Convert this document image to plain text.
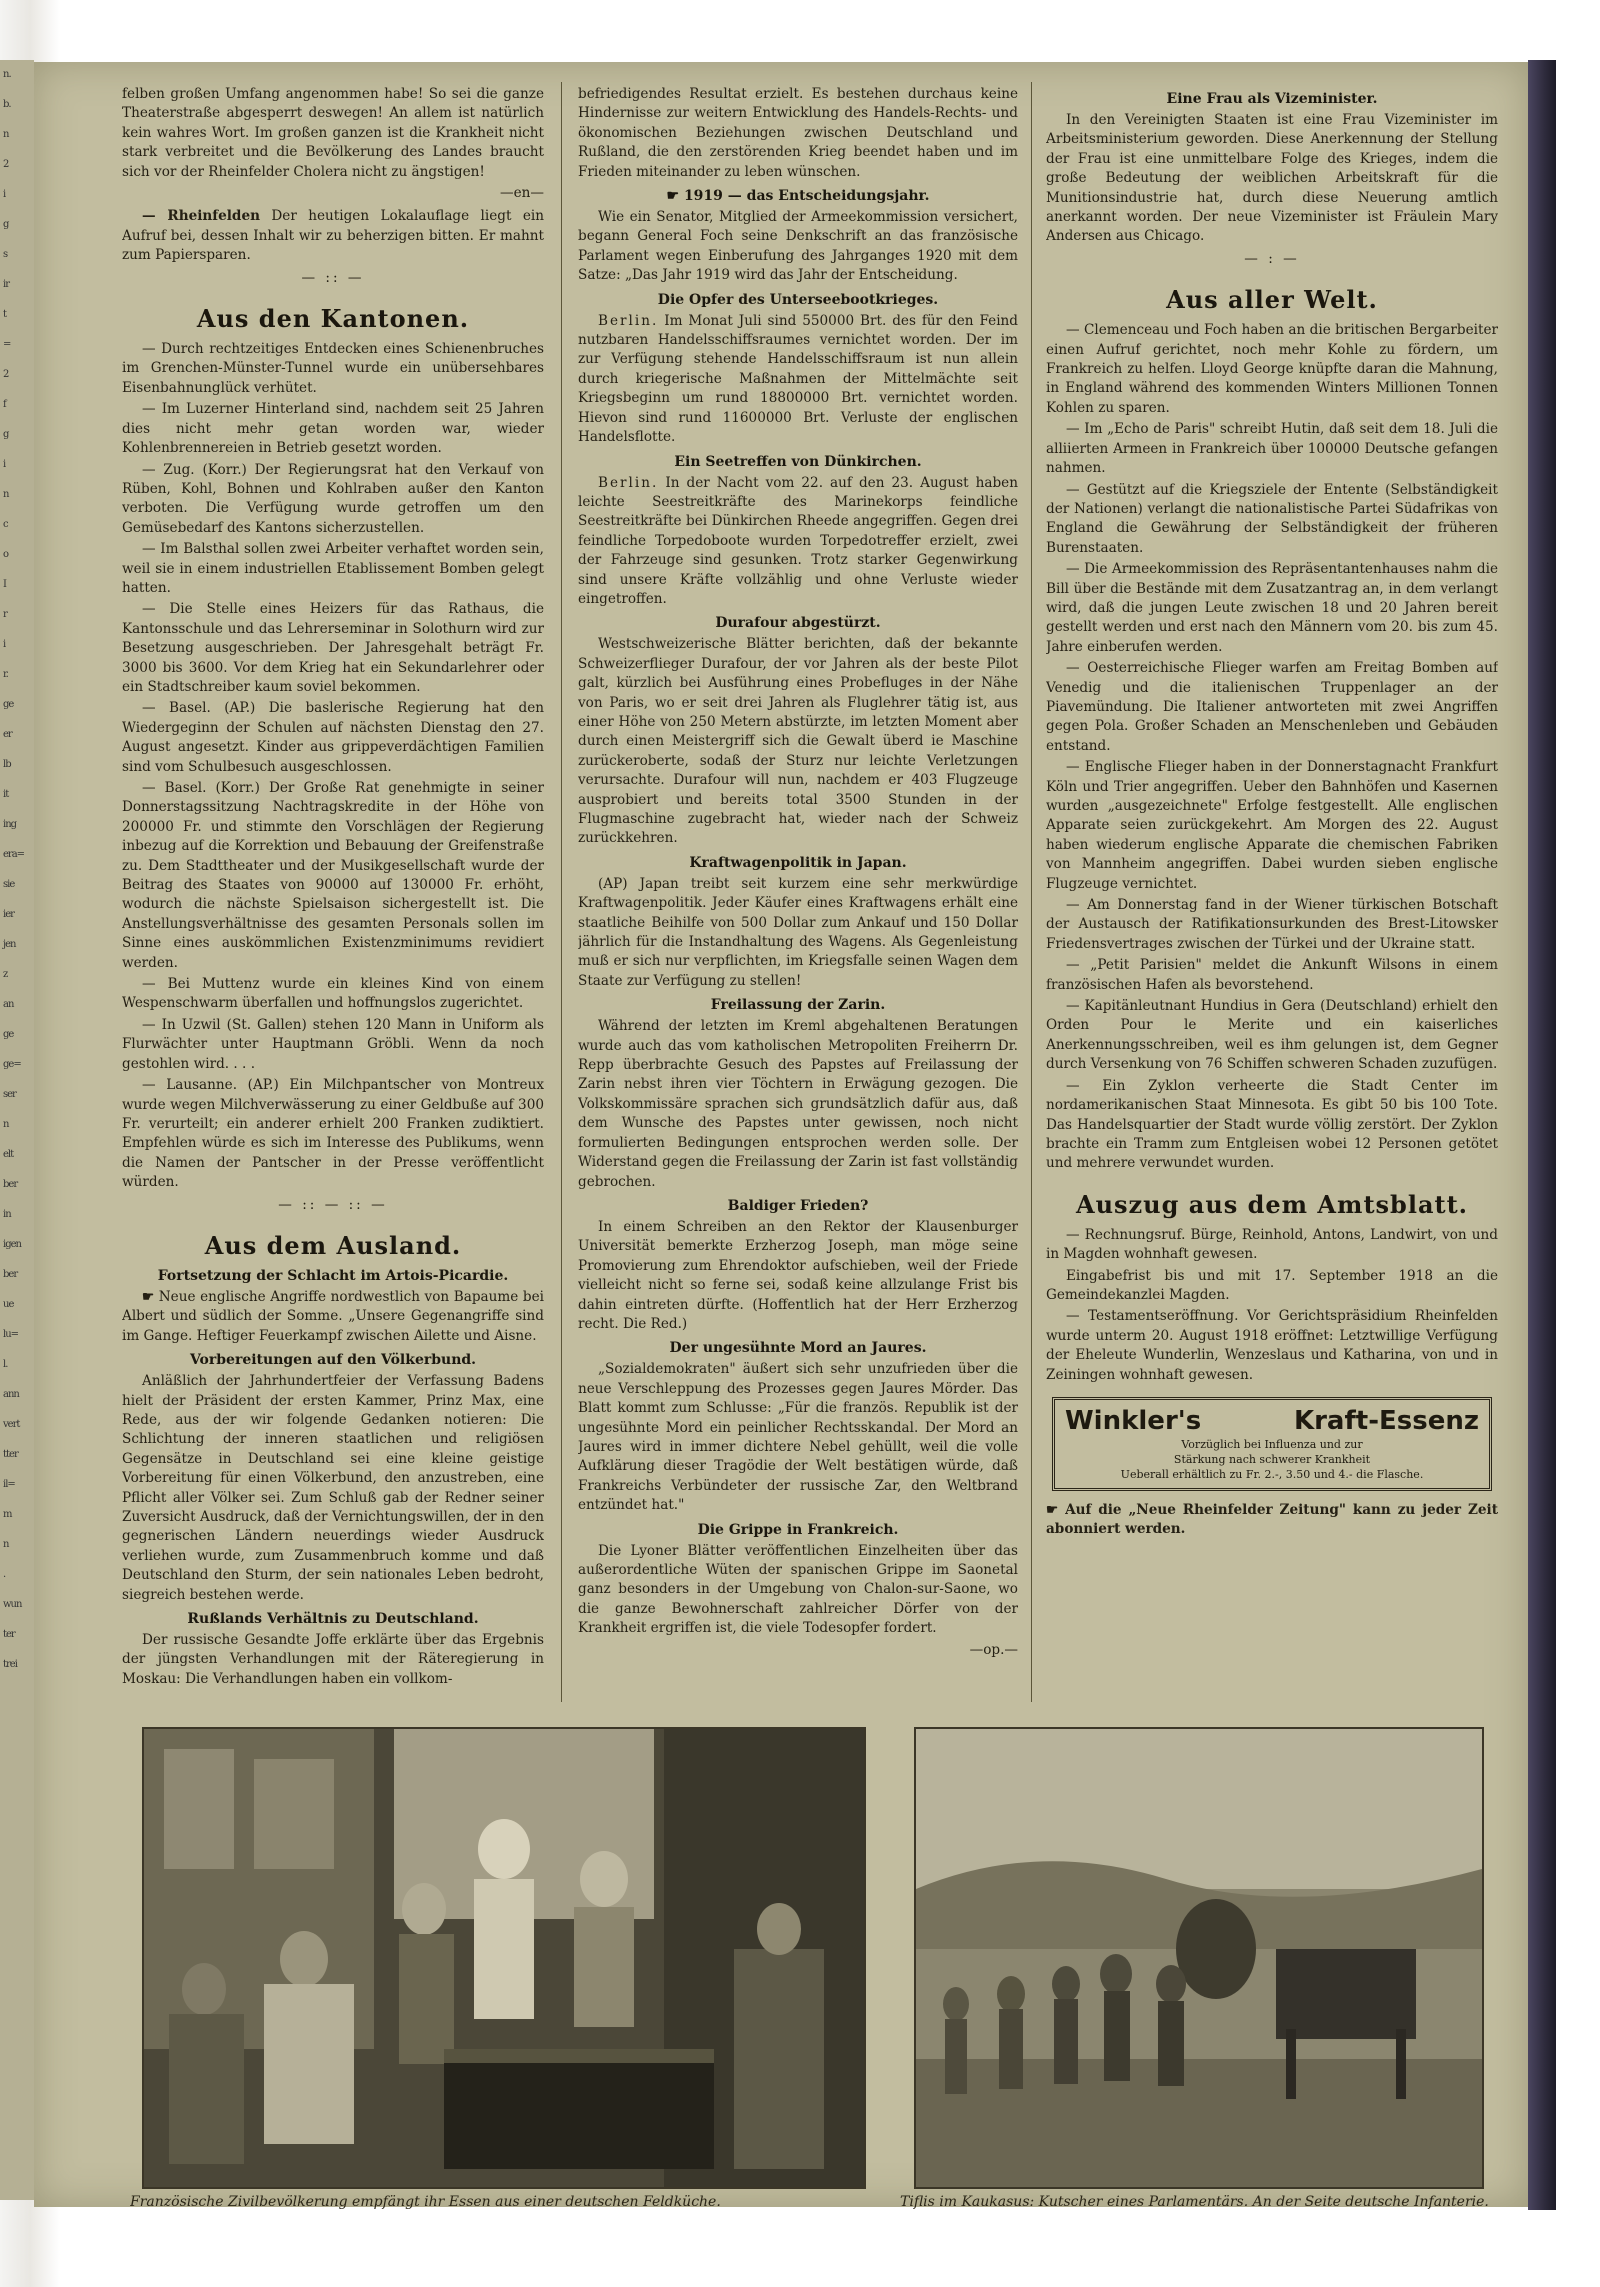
n.
b.
n
2
i
g
s
ir
t
=
2
f
g
i
n
c
o
I
r
i
r.
ge
er
lb
it
ing
era=
sie
ier
jen
z
an
ge
ge=
ser
n
elt
ber
in
igen
ber
ue
lu=
l.
ann
vert
tter
il=
m
n
.
wun
ter
trei

felben großen Umfang angenommen habe! So sei die ganze Theaterstraße abgesperrt deswegen! An allem ist natürlich kein wahres Wort. Im großen ganzen ist die Krankheit nicht stark verbreitet und die Bevölkerung des Landes braucht sich vor der Rheinfelder Cholera nicht zu ängstigen!

—en—

— Rheinfelden Der heutigen Lokalauflage liegt ein Aufruf bei, dessen Inhalt wir zu beherzigen bitten. Er mahnt zum Papiersparen.

— :: —
Aus den Kantonen.

— Durch rechtzeitiges Entdecken eines Schienenbruches im Grenchen-Münster-Tunnel wurde ein unübersehbares Eisenbahnunglück verhütet.

— Im Luzerner Hinterland sind, nachdem seit 25 Jahren dies nicht mehr getan worden war, wieder Kohlenbrennereien in Betrieb gesetzt worden.

— Zug. (Korr.) Der Regierungsrat hat den Verkauf von Rüben, Kohl, Bohnen und Kohlraben außer den Kanton verboten. Die Verfügung wurde getroffen um den Gemüsebedarf des Kantons sicherzustellen.

— Im Balsthal sollen zwei Arbeiter verhaftet worden sein, weil sie in einem industriellen Etablissement Bomben gelegt hatten.

— Die Stelle eines Heizers für das Rathaus, die Kantonsschule und das Lehrerseminar in Solothurn wird zur Besetzung ausgeschrieben. Der Jahresgehalt beträgt Fr. 3000 bis 3600. Vor dem Krieg hat ein Sekundarlehrer oder ein Stadtschreiber kaum soviel bekommen.

— Basel. (AP.) Die baslerische Regierung hat den Wiedergeginn der Schulen auf nächsten Dienstag den 27. August angesetzt. Kinder aus grippeverdächtigen Familien sind vom Schulbesuch ausgeschlossen.

— Basel. (Korr.) Der Große Rat genehmigte in seiner Donnerstagssitzung Nachtragskredite in der Höhe von 200000 Fr. und stimmte den Vorschlägen der Regierung inbezug auf die Korrektion und Bebauung der Greifenstraße zu. Dem Stadttheater und der Musikgesellschaft wurde der Beitrag des Staates von 90000 auf 130000 Fr. erhöht, wodurch die nächste Spielsaison sichergestellt ist. Die Anstellungsverhältnisse des gesamten Personals sollen im Sinne eines auskömmlichen Existenzminimums revidiert werden.

— Bei Muttenz wurde ein kleines Kind von einem Wespenschwarm überfallen und hoffnungslos zugerichtet.

— In Uzwil (St. Gallen) stehen 120 Mann in Uniform als Flurwächter unter Hauptmann Gröbli. Wenn da noch gestohlen wird. . . .

— Lausanne. (AP.) Ein Milchpantscher von Montreux wurde wegen Milchverwässerung zu einer Geldbuße auf 300 Fr. verurteilt; ein anderer erhielt 200 Franken zudiktiert. Empfehlen würde es sich im Interesse des Publikums, wenn die Namen der Pantscher in der Presse veröffentlicht würden.

— :: — :: —
Aus dem Ausland.
Fortsetzung der Schlacht im Artois-Picardie.

☛ Neue englische Angriffe nordwestlich von Bapaume bei Albert und südlich der Somme. „Unsere Gegenangriffe sind im Gange. Heftiger Feuerkampf zwischen Ailette und Aisne.

Vorbereitungen auf den Völkerbund.

Anläßlich der Jahrhundertfeier der Verfassung Badens hielt der Präsident der ersten Kammer, Prinz Max, eine Rede, aus der wir folgende Gedanken notieren: Die Schlichtung der inneren staatlichen und religiösen Gegensätze in Deutschland sei eine kleine geistige Vorbereitung für einen Völkerbund, den anzustreben, eine Pflicht aller Völker sei. Zum Schluß gab der Redner seiner Zuversicht Ausdruck, daß der Vernichtungswillen, der in den gegnerischen Ländern neuerdings wieder Ausdruck verliehen wurde, zum Zusammenbruch komme und daß Deutschland den Sturm, der sein nationales Leben bedroht, siegreich bestehen werde.

Rußlands Verhältnis zu Deutschland.

Der russische Gesandte Joffe erklärte über das Ergebnis der jüngsten Verhandlungen mit der Räteregierung in Moskau: Die Verhandlungen haben ein vollkom-

befriedigendes Resultat erzielt. Es bestehen durchaus keine Hindernisse zur weitern Entwicklung des Handels-Rechts- und ökonomischen Beziehungen zwischen Deutschland und Rußland, die den zerstörenden Krieg beendet haben und im Frieden miteinander zu leben wünschen.

☛ 1919 — das Entscheidungsjahr.

Wie ein Senator, Mitglied der Armeekommission versichert, begann General Foch seine Denkschrift an das französische Parlament wegen Einberufung des Jahrganges 1920 mit dem Satze: „Das Jahr 1919 wird das Jahr der Entscheidung.

Die Opfer des Unterseebootkrieges.

Berlin. Im Monat Juli sind 550000 Brt. des für den Feind nutzbaren Handelsschiffsraumes vernichtet worden. Der im zur Verfügung stehende Handelsschiffsraum ist nun allein durch kriegerische Maßnahmen der Mittelmächte seit Kriegsbeginn um rund 18800000 Brt. vernichtet worden. Hievon sind rund 11600000 Brt. Verluste der englischen Handelsflotte.

Ein Seetreffen von Dünkirchen.

Berlin. In der Nacht vom 22. auf den 23. August haben leichte Seestreitkräfte des Marinekorps feindliche Seestreitkräfte bei Dünkirchen Rheede angegriffen. Gegen drei feindliche Torpedoboote wurden Torpedotreffer erzielt, zwei der Fahrzeuge sind gesunken. Trotz starker Gegenwirkung sind unsere Kräfte vollzählig und ohne Verluste wieder eingetroffen.

Durafour abgestürzt.

Westschweizerische Blätter berichten, daß der bekannte Schweizerflieger Durafour, der vor Jahren als der beste Pilot galt, kürzlich bei Ausführung eines Probefluges in der Nähe von Paris, wo er seit drei Jahren als Fluglehrer tätig ist, aus einer Höhe von 250 Metern abstürzte, im letzten Moment aber durch einen Meistergriff sich die Gewalt überd ie Maschine zurückeroberte, sodaß der Sturz nur leichte Verletzungen verursachte. Durafour will nun, nachdem er 403 Flugzeuge ausprobiert und bereits total 3500 Stunden in der Flugmaschine zugebracht hat, wieder nach der Schweiz zurückkehren.

Kraftwagenpolitik in Japan.

(AP) Japan treibt seit kurzem eine sehr merkwürdige Kraftwagenpolitik. Jeder Käufer eines Kraftwagens erhält eine staatliche Beihilfe von 500 Dollar zum Ankauf und 150 Dollar jährlich für die Instandhaltung des Wagens. Als Gegenleistung muß er sich nur verpflichten, im Kriegsfalle seinen Wagen dem Staate zur Verfügung zu stellen!

Freilassung der Zarin.

Während der letzten im Kreml abgehaltenen Beratungen wurde auch das vom katholischen Metropoliten Freiherrn Dr. Repp überbrachte Gesuch des Papstes auf Freilassung der Zarin nebst ihren vier Töchtern in Erwägung gezogen. Die Volkskommissäre sprachen sich grundsätzlich dafür aus, daß dem Wunsche des Papstes unter gewissen, noch nicht formulierten Bedingungen entsprochen werden solle. Der Widerstand gegen die Freilassung der Zarin ist fast vollständig gebrochen.

Baldiger Frieden?

In einem Schreiben an den Rektor der Klausenburger Universität bemerkte Erzherzog Joseph, man möge seine Promovierung zum Ehrendoktor aufschieben, weil der Friede vielleicht nicht so ferne sei, sodaß keine allzulange Frist bis dahin eintreten dürfte. (Hoffentlich hat der Herr Erzherzog recht. Die Red.)

Der ungesühnte Mord an Jaures.

„Sozialdemokraten" äußert sich sehr unzufrieden über die neue Verschleppung des Prozesses gegen Jaures Mörder. Das Blatt kommt zum Schlusse: „Für die französ. Republik ist der ungesühnte Mord ein peinlicher Rechtsskandal. Der Mord an Jaures wird in immer dichtere Nebel gehüllt, weil die volle Aufklärung dieser Tragödie der Welt bestätigen würde, daß Frankreichs Verbündeter der russische Zar, den Weltbrand entzündet hat."

Die Grippe in Frankreich.

Die Lyoner Blätter veröffentlichen Einzelheiten über das außerordentliche Wüten der spanischen Grippe im Saonetal ganz besonders in der Umgebung von Chalon-sur-Saone, wo die ganze Bewohnerschaft zahlreicher Dörfer von der Krankheit ergriffen ist, die viele Todesopfer fordert.

—op.—
Eine Frau als Vizeminister.

In den Vereinigten Staaten ist eine Frau Vizeminister im Arbeitsministerium geworden. Diese Anerkennung der Stellung der Frau ist eine unmittelbare Folge des Krieges, indem die große Bedeutung der weiblichen Arbeitskraft für die Munitionsindustrie hat, durch diese Neuerung amtlich anerkannt worden. Der neue Vizeminister ist Fräulein Mary Andersen aus Chicago.

— : —
Aus aller Welt.

— Clemenceau und Foch haben an die britischen Bergarbeiter einen Aufruf gerichtet, noch mehr Kohle zu fördern, um Frankreich zu helfen. Lloyd George knüpfte daran die Mahnung, in England während des kommenden Winters Millionen Tonnen Kohlen zu sparen.

— Im „Echo de Paris" schreibt Hutin, daß seit dem 18. Juli die alliierten Armeen in Frankreich über 100000 Deutsche gefangen nahmen.

— Gestützt auf die Kriegsziele der Entente (Selbständigkeit der Nationen) verlangt die nationalistische Partei Südafrikas von England die Gewährung der Selbständigkeit der früheren Burenstaaten.

— Die Armeekommission des Repräsentantenhauses nahm die Bill über die Bestände mit dem Zusatzantrag an, in dem verlangt wird, daß die jungen Leute zwischen 18 und 20 Jahren bereit gestellt werden und erst nach den Männern vom 20. bis zum 45. Jahre einberufen werden.

— Oesterreichische Flieger warfen am Freitag Bomben auf Venedig und die italienischen Truppenlager an der Piavemündung. Die Italiener antworteten mit zwei Angriffen gegen Pola. Großer Schaden an Menschenleben und Gebäuden entstand.

— Englische Flieger haben in der Donnerstagnacht Frankfurt Köln und Trier angegriffen. Ueber den Bahnhöfen und Kasernen wurden „ausgezeichnete" Erfolge festgestellt. Alle englischen Apparate seien zurückgekehrt. Am Morgen des 22. August haben wiederum englische Apparate die chemischen Fabriken von Mannheim angegriffen. Dabei wurden sieben englische Flugzeuge vernichtet.

— Am Donnerstag fand in der Wiener türkischen Botschaft der Austausch der Ratifikationsurkunden des Brest-Litowsker Friedensvertrages zwischen der Türkei und der Ukraine statt.

— „Petit Parisien" meldet die Ankunft Wilsons in einem französischen Hafen als bevorstehend.

— Kapitänleutnant Hundius in Gera (Deutschland) erhielt den Orden Pour le Merite und ein kaiserliches Anerkennungsschreiben, weil es ihm gelungen ist, dem Gegner durch Versenkung von 76 Schiffen schweren Schaden zuzufügen.

— Ein Zyklon verheerte die Stadt Center im nordamerikanischen Staat Minnesota. Es gibt 50 bis 100 Tote. Das Handelsquartier der Stadt wurde völlig zerstört. Der Zyklon brachte ein Tramm zum Entgleisen wobei 12 Personen getötet und mehrere verwundet wurden.

Auszug aus dem Amtsblatt.

— Rechnungsruf. Bürge, Reinhold, Antons, Landwirt, von und in Magden wohnhaft gewesen.

Eingabefrist bis und mit 17. September 1918 an die Gemeindekanzlei Magden.

— Testamentseröffnung. Vor Gerichtspräsidium Rheinfelden wurde unterm 20. August 1918 eröffnet: Letztwillige Verfügung der Eheleute Wunderlin, Wenzeslaus und Katharina, von und in Zeiningen wohnhaft gewesen.

Winkler's	Kraft-Essenz
Vorzüglich bei Influenza und zur
Stärkung nach schwerer Krankheit
Ueberall erhältlich zu Fr. 2.-, 3.50 und 4.- die Flasche.

☛ Auf die „Neue Rheinfelder Zeitung" kann zu jeder Zeit abonniert werden.

Französische Zivilbevölkerung empfängt ihr Essen aus einer deutschen Feldküche.	Tiflis im Kaukasus: Kutscher eines Parlamentärs. An der Seite deutsche Infanterie.
